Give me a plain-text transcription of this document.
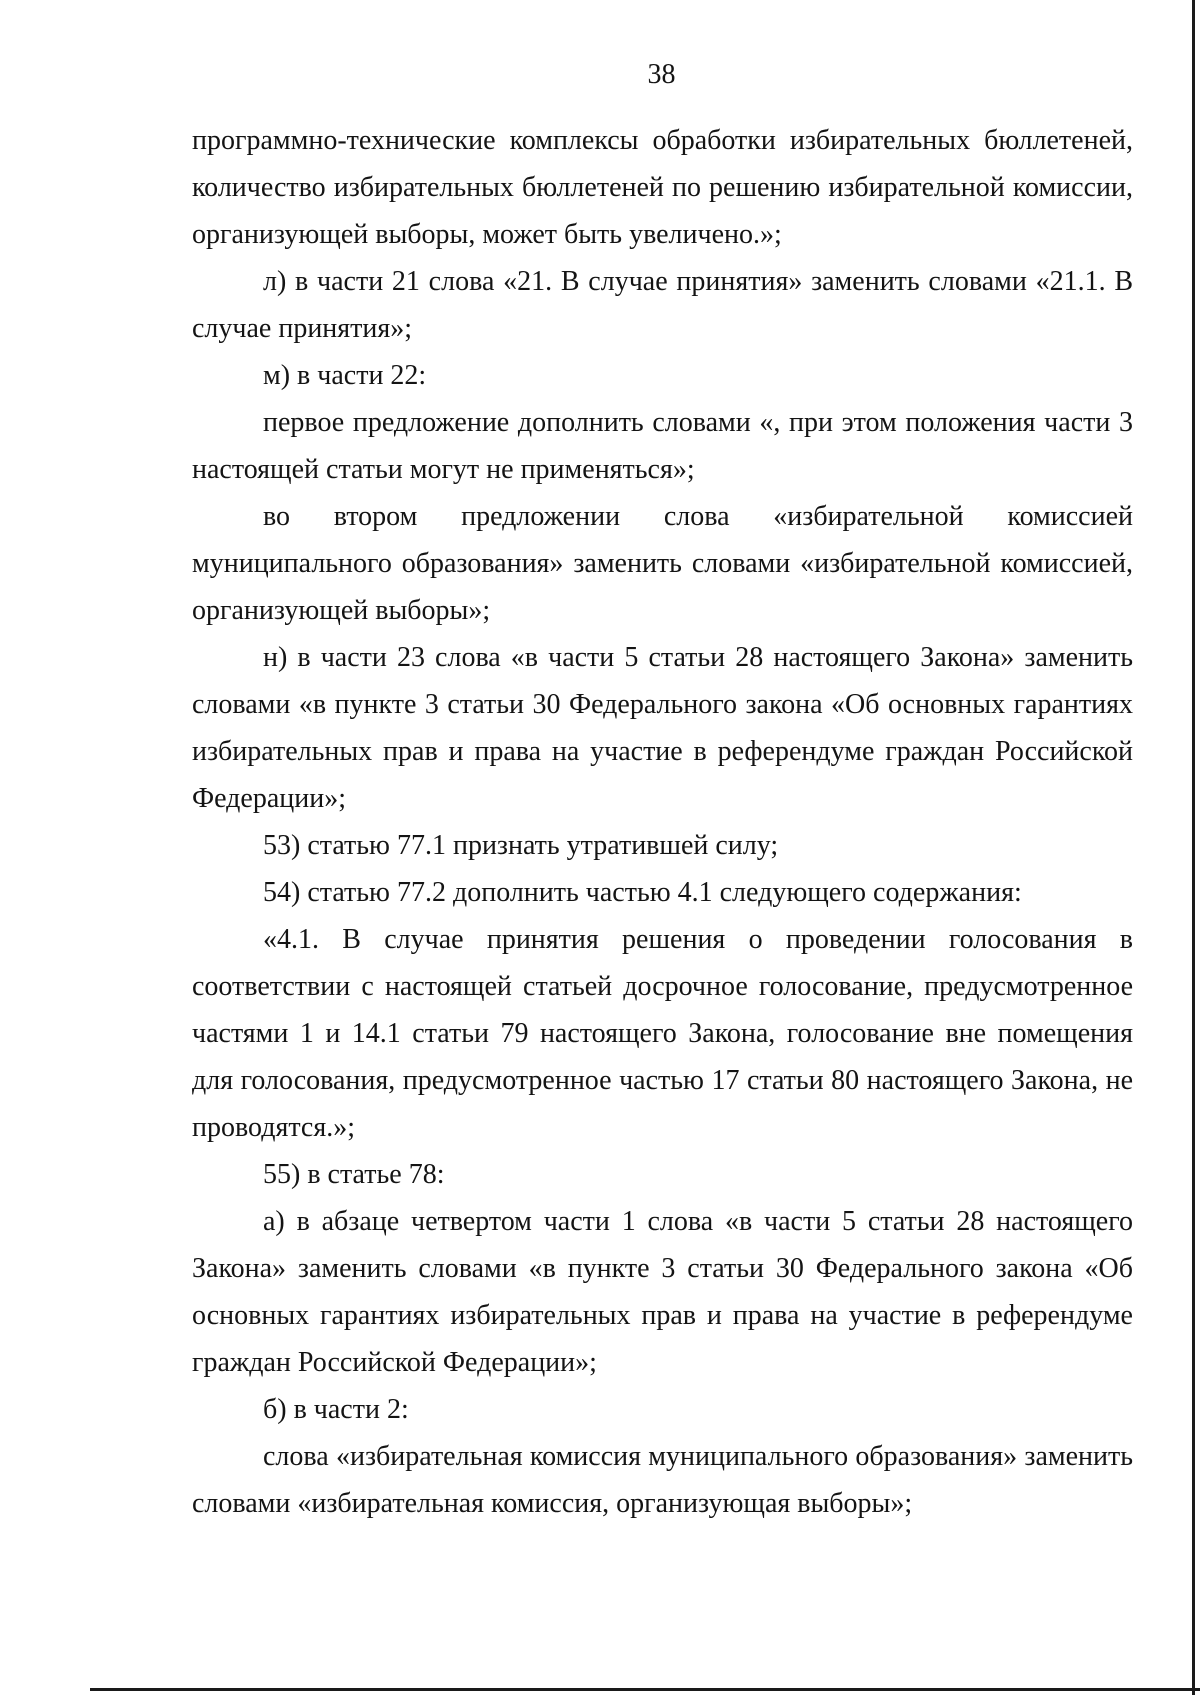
38

программно-технические комплексы обработки избирательных бюллетеней, количество избирательных бюллетеней по решению избирательной комиссии, организующей выборы, может быть увеличено.»;

л) в части 21 слова «21. В случае принятия» заменить словами «21.1. В случае принятия»;

м) в части 22:

первое предложение дополнить словами «, при этом положения части 3 настоящей статьи могут не применяться»;

во втором предложении слова «избирательной комиссией муниципального образования» заменить словами «избирательной комиссией, организующей выборы»;

н) в части 23 слова «в части 5 статьи 28 настоящего Закона» заменить словами «в пункте 3 статьи 30 Федерального закона «Об основных гарантиях избирательных прав и права на участие в референдуме граждан Российской Федерации»;

53) статью 77.1 признать утратившей силу;

54) статью 77.2 дополнить частью 4.1 следующего содержания:

«4.1. В случае принятия решения о проведении голосования в соответствии с настоящей статьей досрочное голосование, предусмотренное частями 1 и 14.1 статьи 79 настоящего Закона, голосование вне помещения для голосования, предусмотренное частью 17 статьи 80 настоящего Закона, не проводятся.»;

55) в статье 78:

а) в абзаце четвертом части 1 слова «в части 5 статьи 28 настоящего Закона» заменить словами «в пункте 3 статьи 30 Федерального закона «Об основных гарантиях избирательных прав и права на участие в референдуме граждан Российской Федерации»;

б) в части 2:

слова «избирательная комиссия муниципального образования» заменить словами «избирательная комиссия, организующая выборы»;
